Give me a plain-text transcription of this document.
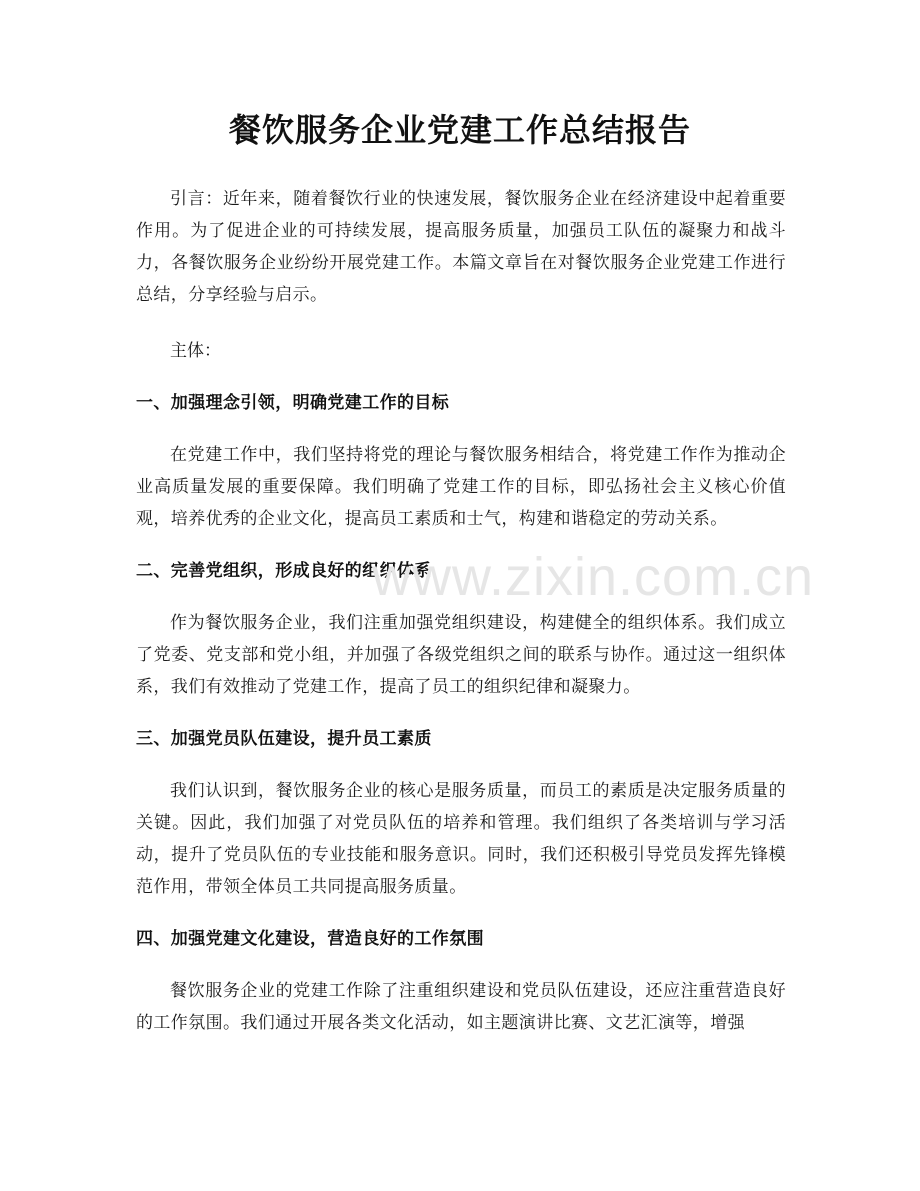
餐饮服务企业党建工作总结报告

引言：近年来，随着餐饮行业的快速发展，餐饮服务企业在经济建设中起着重要作用。为了促进企业的可持续发展，提高服务质量，加强员工队伍的凝聚力和战斗力，各餐饮服务企业纷纷开展党建工作。本篇文章旨在对餐饮服务企业党建工作进行总结，分享经验与启示。

主体：

一、加强理念引领，明确党建工作的目标

在党建工作中，我们坚持将党的理论与餐饮服务相结合，将党建工作作为推动企业高质量发展的重要保障。我们明确了党建工作的目标，即弘扬社会主义核心价值观，培养优秀的企业文化，提高员工素质和士气，构建和谐稳定的劳动关系。

二、完善党组织，形成良好的组织体系

作为餐饮服务企业，我们注重加强党组织建设，构建健全的组织体系。我们成立了党委、党支部和党小组，并加强了各级党组织之间的联系与协作。通过这一组织体系，我们有效推动了党建工作，提高了员工的组织纪律和凝聚力。

三、加强党员队伍建设，提升员工素质

我们认识到，餐饮服务企业的核心是服务质量，而员工的素质是决定服务质量的关键。因此，我们加强了对党员队伍的培养和管理。我们组织了各类培训与学习活动，提升了党员队伍的专业技能和服务意识。同时，我们还积极引导党员发挥先锋模范作用，带领全体员工共同提高服务质量。

四、加强党建文化建设，营造良好的工作氛围

餐饮服务企业的党建工作除了注重组织建设和党员队伍建设，还应注重营造良好的工作氛围。我们通过开展各类文化活动，如主题演讲比赛、文艺汇演等，增强

www.zixin.com.cn
